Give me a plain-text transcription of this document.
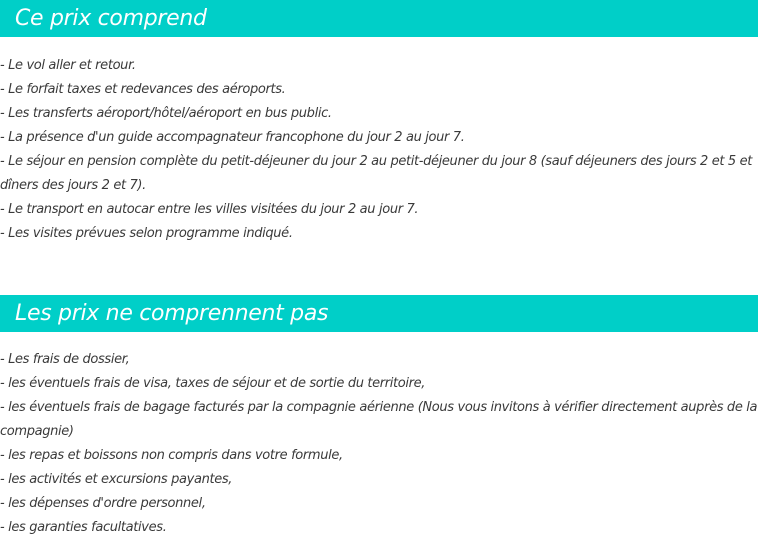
Ce prix comprend
- Le vol aller et retour.
- Le forfait taxes et redevances des aéroports.
- Les transferts aéroport/hôtel/aéroport en bus public.
- La présence d'un guide accompagnateur francophone du jour 2 au jour 7.
- Le séjour en pension complète du petit-déjeuner du jour 2 au petit-déjeuner du jour 8 (sauf déjeuners des jours 2 et 5 et dîners des jours 2 et 7).
- Le transport en autocar entre les villes visitées du jour 2 au jour 7.
- Les visites prévues selon programme indiqué.
Les prix ne comprennent pas
- Les frais de dossier,
- les éventuels frais de visa, taxes de séjour et de sortie du territoire,
- les éventuels frais de bagage facturés par la compagnie aérienne (Nous vous invitons à vérifier directement auprès de la compagnie)
- les repas et boissons non compris dans votre formule,
- les activités et excursions payantes,
- les dépenses d'ordre personnel,
- les garanties facultatives.
